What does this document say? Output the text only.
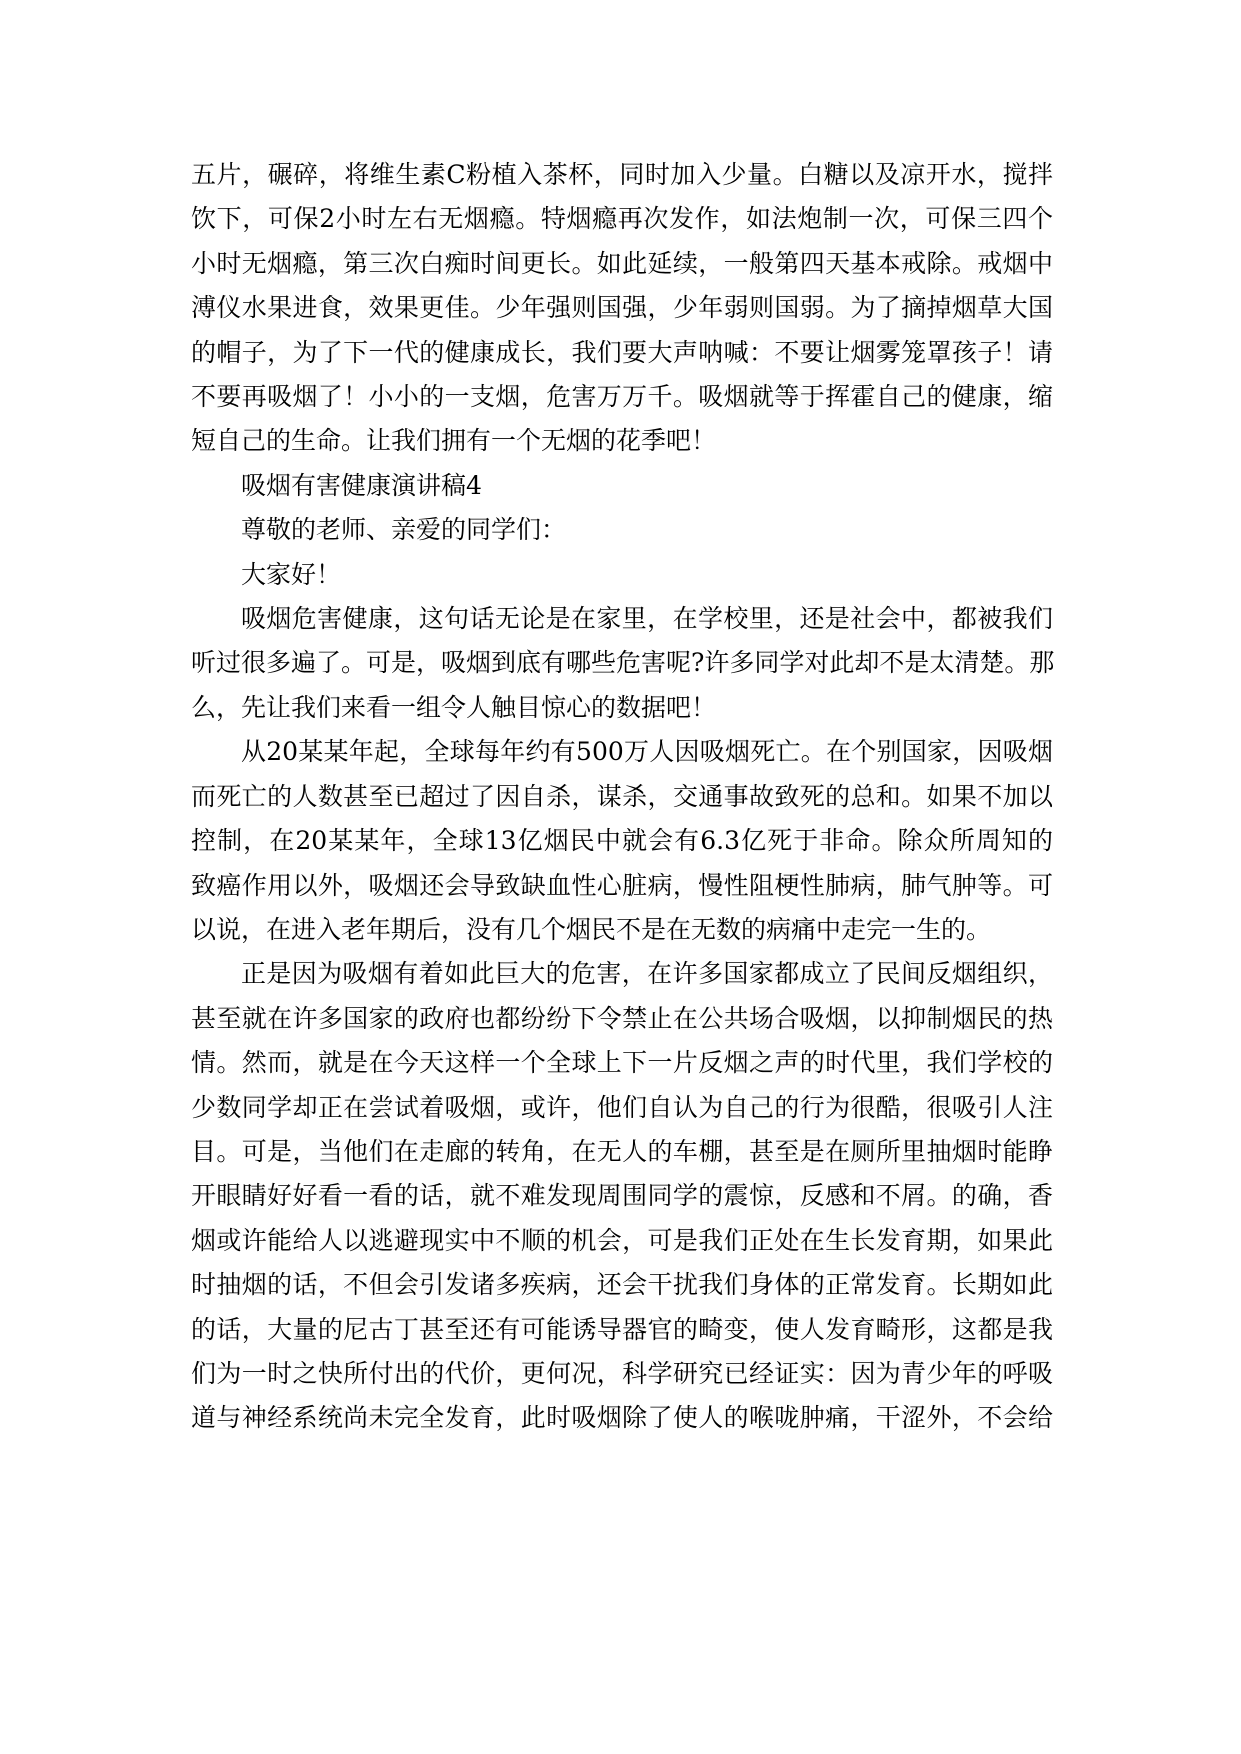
五片，碾碎，将维生素C粉植入茶杯，同时加入少量。白糖以及凉开水，搅拌
饮下，可保2小时左右无烟瘾。特烟瘾再次发作，如法炮制一次，可保三四个
小时无烟瘾，第三次白痴时间更长。如此延续，一般第四天基本戒除。戒烟中
溥仪水果进食，效果更佳。少年强则国强，少年弱则国弱。为了摘掉烟草大国
的帽子，为了下一代的健康成长，我们要大声呐喊：不要让烟雾笼罩孩子！请
不要再吸烟了！小小的一支烟，危害万万千。吸烟就等于挥霍自己的健康，缩
短自己的生命。让我们拥有一个无烟的花季吧！
吸烟有害健康演讲稿4
尊敬的老师、亲爱的同学们：
大家好！
吸烟危害健康，这句话无论是在家里，在学校里，还是社会中，都被我们
听过很多遍了。可是，吸烟到底有哪些危害呢?许多同学对此却不是太清楚。那
么，先让我们来看一组令人触目惊心的数据吧！
从20某某年起，全球每年约有500万人因吸烟死亡。在个别国家，因吸烟
而死亡的人数甚至已超过了因自杀，谋杀，交通事故致死的总和。如果不加以
控制，在20某某年，全球13亿烟民中就会有6.3亿死于非命。除众所周知的
致癌作用以外，吸烟还会导致缺血性心脏病，慢性阻梗性肺病，肺气肿等。可
以说，在进入老年期后，没有几个烟民不是在无数的病痛中走完一生的。
正是因为吸烟有着如此巨大的危害，在许多国家都成立了民间反烟组织，
甚至就在许多国家的政府也都纷纷下令禁止在公共场合吸烟，以抑制烟民的热
情。然而，就是在今天这样一个全球上下一片反烟之声的时代里，我们学校的
少数同学却正在尝试着吸烟，或许，他们自认为自己的行为很酷，很吸引人注
目。可是，当他们在走廊的转角，在无人的车棚，甚至是在厕所里抽烟时能睁
开眼睛好好看一看的话，就不难发现周围同学的震惊，反感和不屑。的确，香
烟或许能给人以逃避现实中不顺的机会，可是我们正处在生长发育期，如果此
时抽烟的话，不但会引发诸多疾病，还会干扰我们身体的正常发育。长期如此
的话，大量的尼古丁甚至还有可能诱导器官的畸变，使人发育畸形，这都是我
们为一时之快所付出的代价，更何况，科学研究已经证实：因为青少年的呼吸
道与神经系统尚未完全发育，此时吸烟除了使人的喉咙肿痛，干涩外，不会给
